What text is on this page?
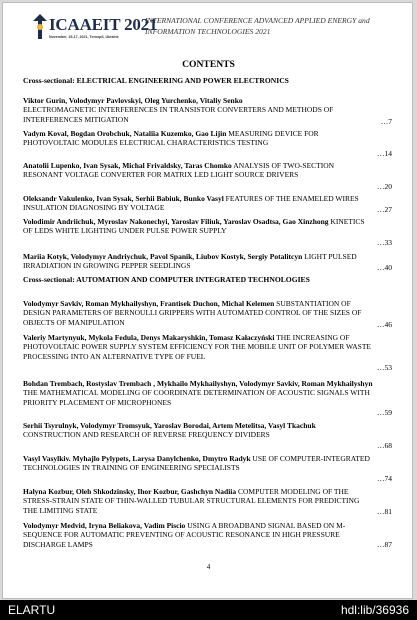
ICAAEIT 2021
November, 15-17, 2021, Ternopil, Ukraine
INTERNATIONAL CONFERENCE ADVANCED APPLIED ENERGY and INFORMATION TECHNOLOGIES 2021
CONTENTS
Cross-sectional: ELECTRICAL ENGINEERING AND POWER ELECTRONICS
Viktor Gurin, Volodymyr Pavlovskyi, Oleg Yurchenko, Vitaliy Senko
ELECTROMAGNETIC INTERFERENCES IN TRANSISTOR CONVERTERS AND METHODS OF INTERFERENCES MITIGATION	…7
Vadym Koval, Bogdan Orobchuk, Nataliia Kuzemko, Gao Lijin MEASURING DEVICE FOR PHOTOVOLTAIC MODULES ELECTRICAL CHARACTERISTICS TESTING
…14
Anatolii Lupenko, Ivan Sysak, Michal Frivaldsky, Taras Chomko ANALYSIS OF TWO-SECTION RESONANT VOLTAGE CONVERTER FOR MATRIX LED LIGHT SOURCE DRIVERS
…20
Oleksandr Vakulenko, Ivan Sysak, Serhii Babiuk, Bunko Vasyl FEATURES OF THE ENAMELED WIRES INSULATION DIAGNOSING BY VOLTAGE	…27
Volodimir Andriichuk, Myroslav Nakonechyi, Yaroslav Filiuk, Yaroslav Osadtsa, Gao Xinzhong KINETICS OF LEDS WHITE LIGHTING UNDER PULSE POWER SUPPLY
…33
Mariia Kotyk, Volodymyr Andriychuk, Pavol Spanik, Liubov Kostyk, Sergiy Potalitcyn LIGHT PULSED IRRADIATION IN GROWING PEPPER SEEDLINGS	…40
Cross-sectional: AUTOMATION AND COMPUTER INTEGRATED TECHNOLOGIES
Volodymyr Savkiv, Roman Mykhailyshyn, Frantisek Duchon, Michal Kelemen SUBSTANTIATION OF DESIGN PARAMETERS OF BERNOULLI GRIPPERS WITH AUTOMATED CONTROL OF THE SIZES OF OBJECTS OF MANIPULATION	…46
Valeriy Martynyuk, Mykola Fedula, Denys Makaryshkin, Tomasz Kałaczyński THE INCREASING OF PHOTOVOLTAIC POWER SUPPLY SYSTEM EFFICIENCY FOR THE MOBILE UNIT OF POLYMER WASTE PROCESSING INTO AN ALTERNATIVE TYPE OF FUEL
…53
Bohdan Trembach, Rostyslav Trembach , Mykhailo Mykhailyshyn, Volodymyr Savkiv, Roman Mykhailyshyn THE MATHEMATICAL MODELING OF COORDINATE DETERMINATION OF ACOUSTIC SIGNALS WITH PRIORITY PLACEMENT OF MICROPHONES
…59
Serhii Tsyrulnyk, Volodymyr Tromsyuk, Yaroslav Borodai, Artem Metelitsa, Vasyl Tkachuk CONSTRUCTION AND RESEARCH OF REVERSE FREQUENCY DIVIDERS
…68
Vasyl Vasylkiv. Myhajlo Pylypets, Larysa Danylchenko, Dmytro Radyk USE OF COMPUTER-INTEGRATED TECHNOLOGIES IN TRAINING OF ENGINEERING SPECIALISTS
…74
Halyna Kozbur, Oleh Shkodzinsky, Ihor Kozbur, Gashchyn Nadiia COMPUTER MODELING OF THE STRESS-STRAIN STATE OF THIN-WALLED TUBULAR STRUCTURAL ELEMENTS FOR PREDICTING THE LIMITING STATE	…81
Volodymyr Medvid, Iryna Beliakova, Vadim Piscio USING A BROADBAND SIGNAL BASED ON M-SEQUENCE FOR AUTOMATIC PREVENTING OF ACOUSTIC RESONANCE IN HIGH PRESSURE DISCHARGE LAMPS	…87
4
ELARTU	hdl:lib/36936
